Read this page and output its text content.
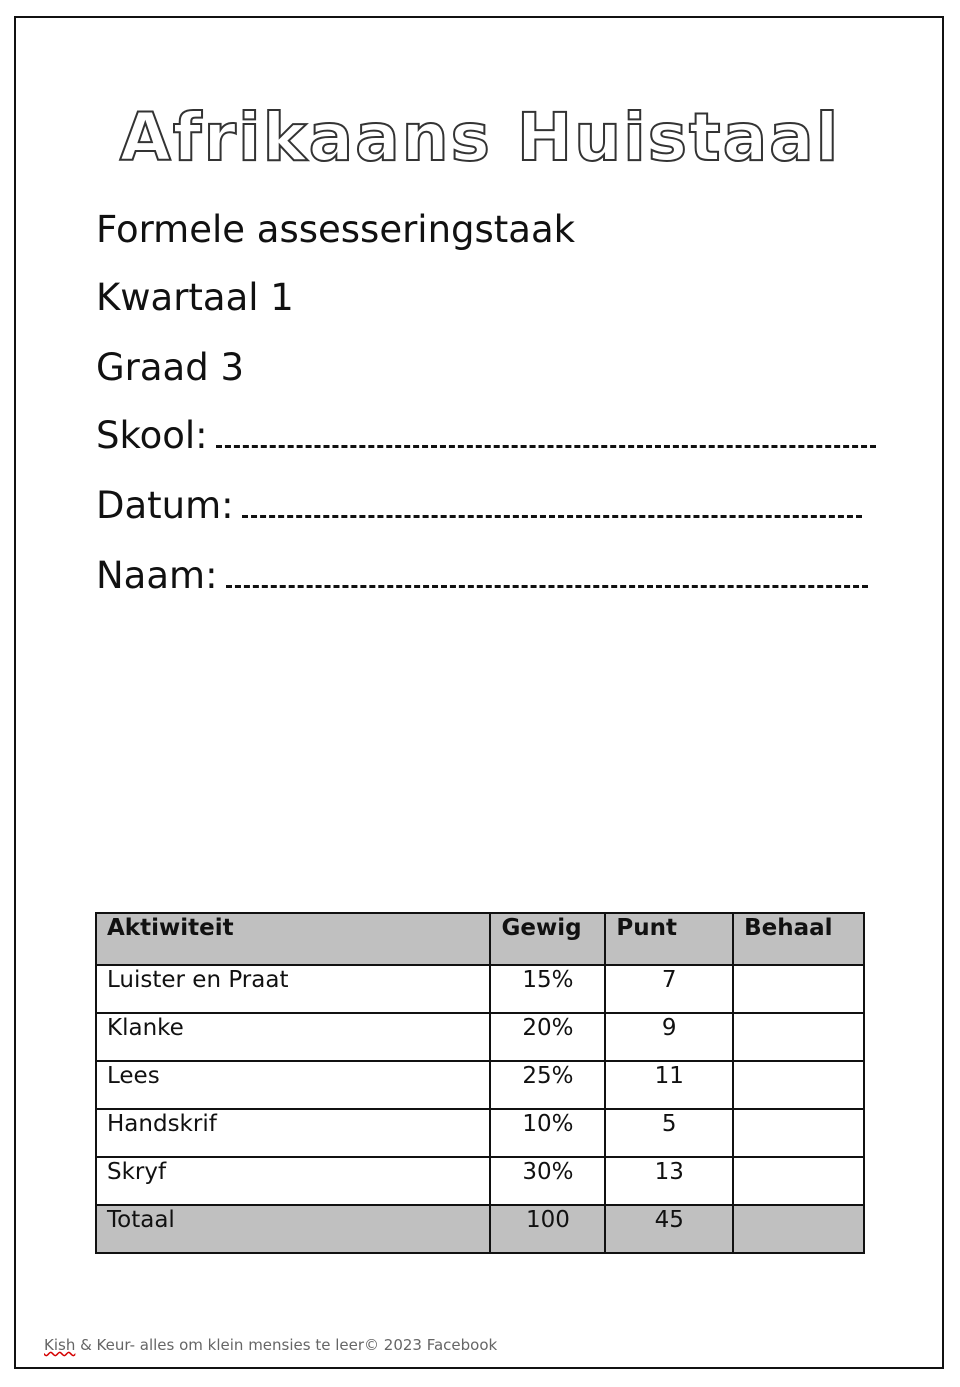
Afrikaans Huistaal
Formele assesseringstaak
Kwartaal 1
Graad 3
Skool:
Datum:
Naam:
Aktiwiteit	Gewig	Punt	Behaal
Luister en Praat	15%	7	
Klanke	20%	9	
Lees	25%	11	
Handskrif	10%	5	
Skryf	30%	13	
Totaal	100	45	
Kish & Keur- alles om klein mensies te leer© 2023 Facebook
